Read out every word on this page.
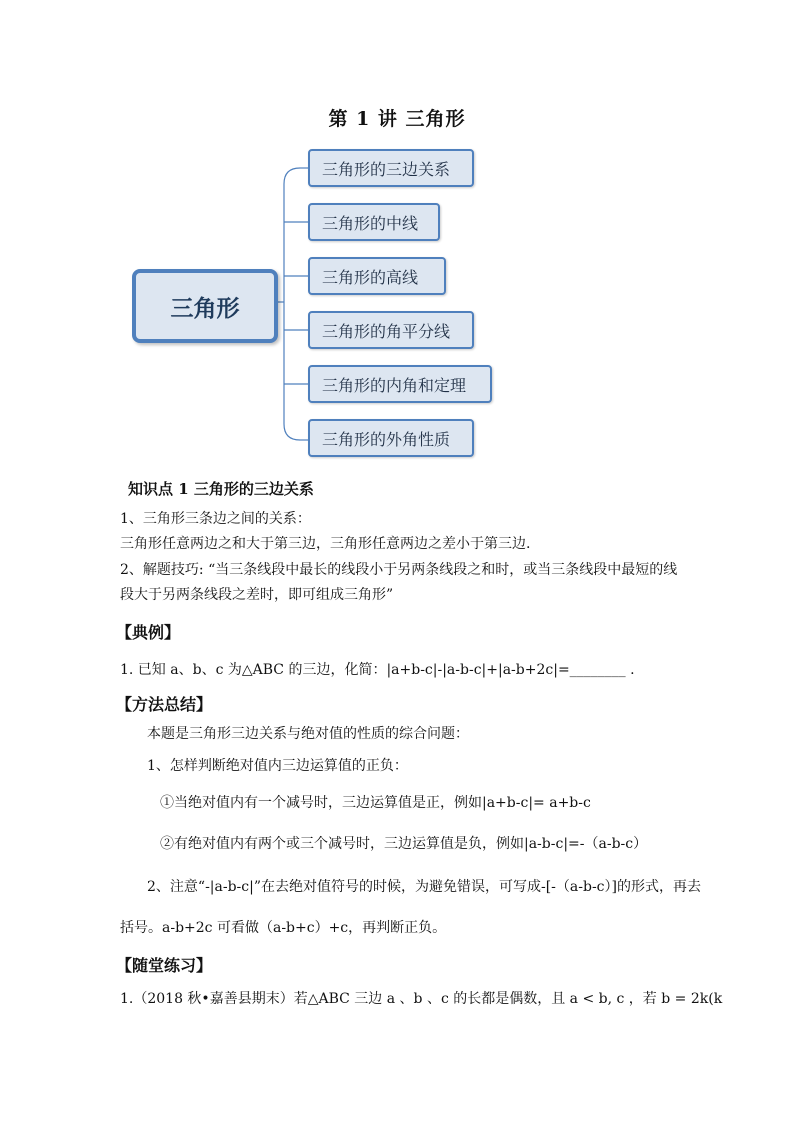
第 1 讲 三角形
三角形
三角形的三边关系
三角形的中线
三角形的高线
三角形的角平分线
三角形的内角和定理
三角形的外角性质
知识点 1 三角形的三边关系
1、三角形三条边之间的关系：
三角形任意两边之和大于第三边，三角形任意两边之差小于第三边.
2、解题技巧: “当三条线段中最长的线段小于另两条线段之和时，或当三条线段中最短的线
段大于另两条线段之差时，即可组成三角形”
【典例】
1. 已知 a、b、c 为△ABC 的三边，化简：|a+b-c|-|a-b-c|+|a-b+2c|=________ .
【方法总结】
本题是三角形三边关系与绝对值的性质的综合问题：
1、怎样判断绝对值内三边运算值的正负：
①当绝对值内有一个减号时，三边运算值是正，例如|a+b-c|= a+b-c
②有绝对值内有两个或三个减号时，三边运算值是负，例如|a-b-c|=-（a-b-c）
2、注意“-|a-b-c|”在去绝对值符号的时候，为避免错误，可写成-[-（a-b-c）]的形式，再去
括号。a-b+2c 可看做（a-b+c）+c，再判断正负。
【随堂练习】
1.（2018 秋•嘉善县期末）若△ABC 三边 a 、b 、c 的长都是偶数，且 a < b, c ，若 b = 2k(k
